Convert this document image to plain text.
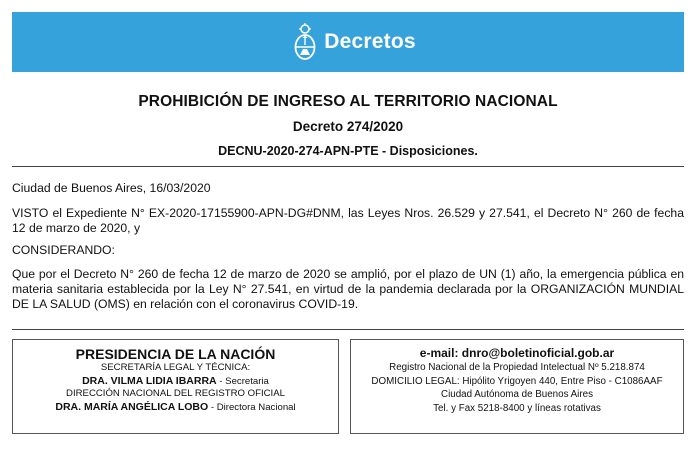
Decretos
PROHIBICIÓN DE INGRESO AL TERRITORIO NACIONAL
Decreto 274/2020
DECNU-2020-274-APN-PTE - Disposiciones.

Ciudad de Buenos Aires, 16/03/2020

VISTO el Expediente N° EX-2020-17155900-APN-DG#DNM, las Leyes Nros. 26.529 y 27.541, el Decreto N° 260 de fecha 12 de marzo de 2020, y

CONSIDERANDO:

Que por el Decreto N° 260 de fecha 12 de marzo de 2020 se amplió, por el plazo de UN (1) año, la emergencia pública en materia sanitaria establecida por la Ley N° 27.541, en virtud de la pandemia declarada por la ORGANIZACIÓN MUNDIAL DE LA SALUD (OMS) en relación con el coronavirus COVID-19.

PRESIDENCIA DE LA NACIÓN
SECRETARÍA LEGAL Y TÉCNICA:
DRA. VILMA LIDIA IBARRA - Secretaria
DIRECCIÓN NACIONAL DEL REGISTRO OFICIAL
DRA. MARÍA ANGÉLICA LOBO - Directora Nacional
e-mail: dnro@boletinoficial.gob.ar
Registro Nacional de la Propiedad Intelectual Nº 5.218.874
DOMICILIO LEGAL: Hipólito Yrigoyen 440, Entre Piso - C1086AAF
Ciudad Autónoma de Buenos Aires
Tel. y Fax 5218-8400 y líneas rotativas
